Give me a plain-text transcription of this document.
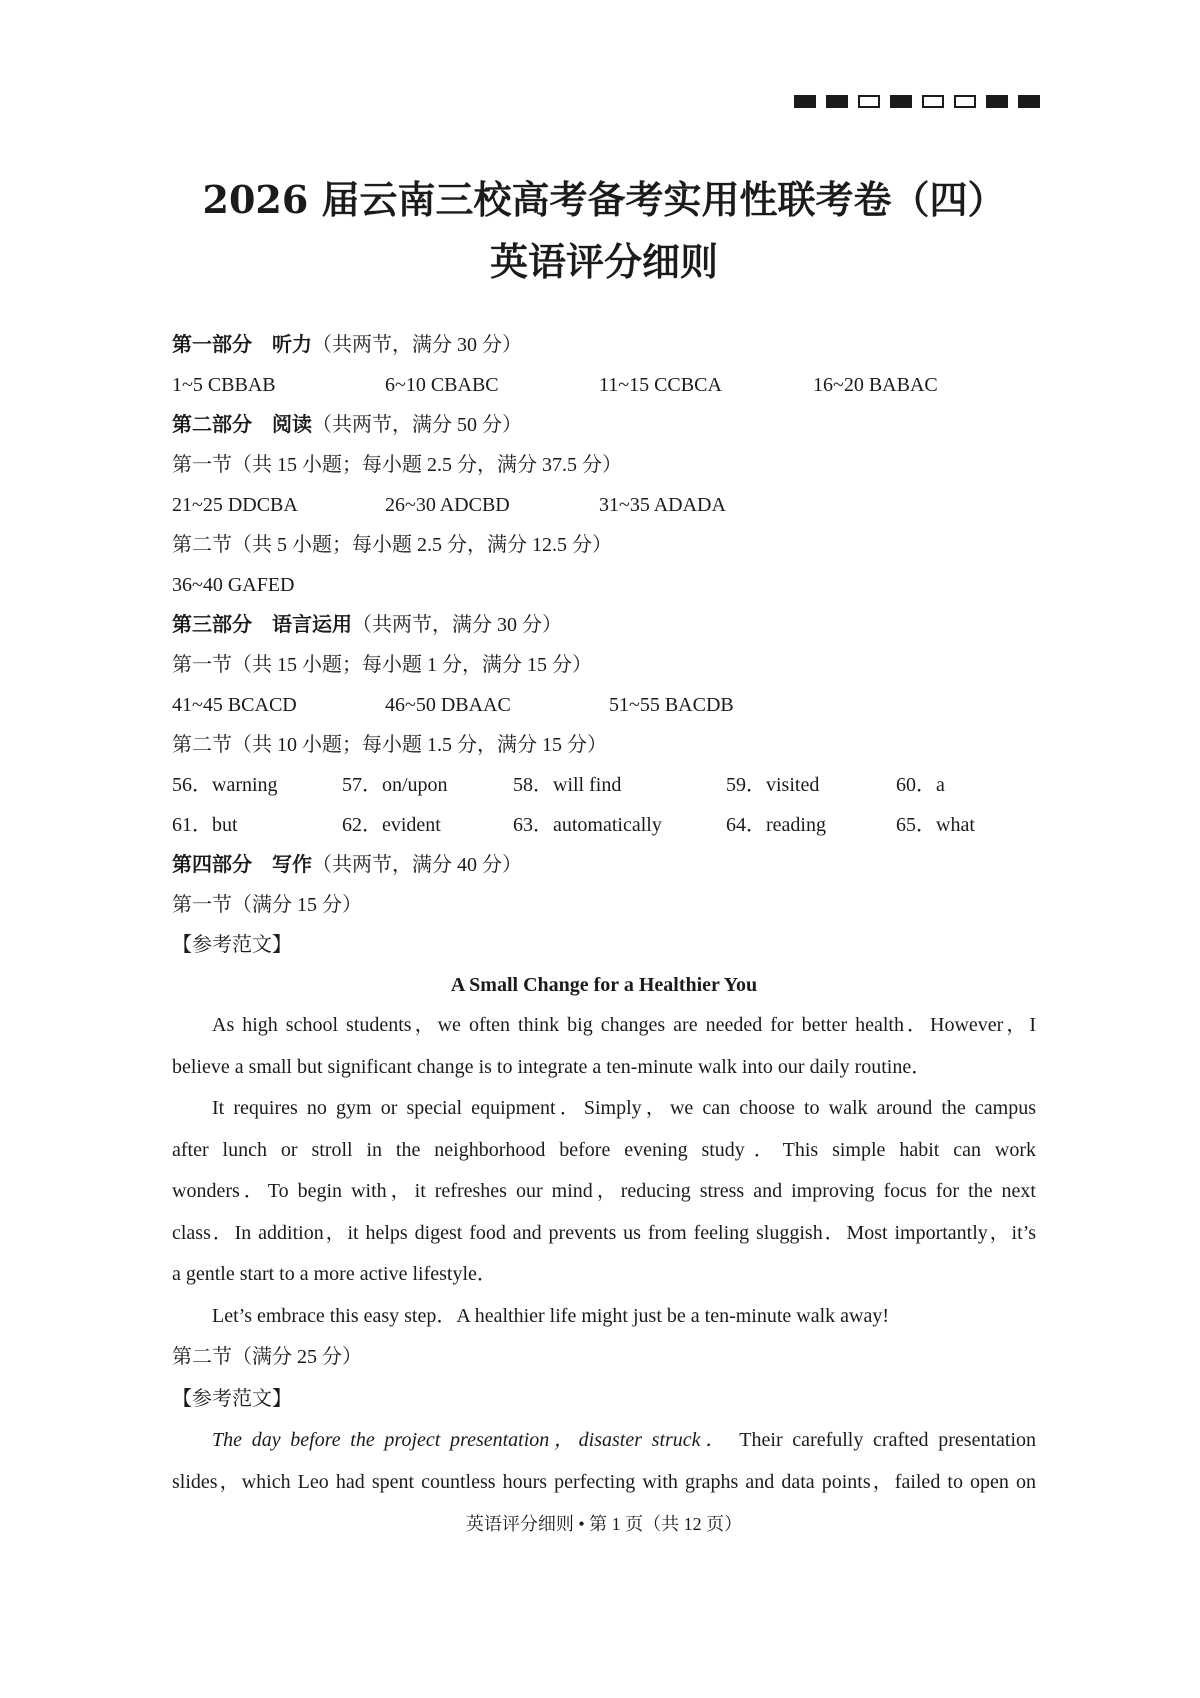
2026 届云南三校高考备考实用性联考卷（四）
英语评分细则
第一部分 听力（共两节，满分 30 分）
1~5 CBBAB	6~10 CBABC	11~15 CCBCA	16~20 BABAC
第二部分 阅读（共两节，满分 50 分）
第一节（共 15 小题；每小题 2.5 分，满分 37.5 分）
21~25 DDCBA	26~30 ADCBD	31~35 ADADA
第二节（共 5 小题；每小题 2.5 分，满分 12.5 分）
36~40 GAFED
第三部分 语言运用（共两节，满分 30 分）
第一节（共 15 小题；每小题 1 分，满分 15 分）
41~45 BCACD	46~50 DBAAC	51~55 BACDB
第二节（共 10 小题；每小题 1.5 分，满分 15 分）
56．warning	57．on/upon	58．will find	59．visited	60．a
61．but	62．evident	63．automatically	64．reading	65．what
第四部分 写作（共两节，满分 40 分）
第一节（满分 15 分）
【参考范文】
A Small Change for a Healthier You
As high school students，we often think big changes are needed for better health．However，I
believe a small but significant change is to integrate a ten-minute walk into our daily routine．
It requires no gym or special equipment．Simply，we can choose to walk around the campus
after lunch or stroll in the neighborhood before evening study．This simple habit can work
wonders．To begin with，it refreshes our mind，reducing stress and improving focus for the next
class．In addition，it helps digest food and prevents us from feeling sluggish．Most importantly，it’s
a gentle start to a more active lifestyle．
Let’s embrace this easy step．A healthier life might just be a ten-minute walk away!
第二节（满分 25 分）
【参考范文】
The day before the project presentation，disaster struck． Their carefully crafted presentation
slides，which Leo had spent countless hours perfecting with graphs and data points，failed to open on
英语评分细则 • 第 1 页（共 12 页）
